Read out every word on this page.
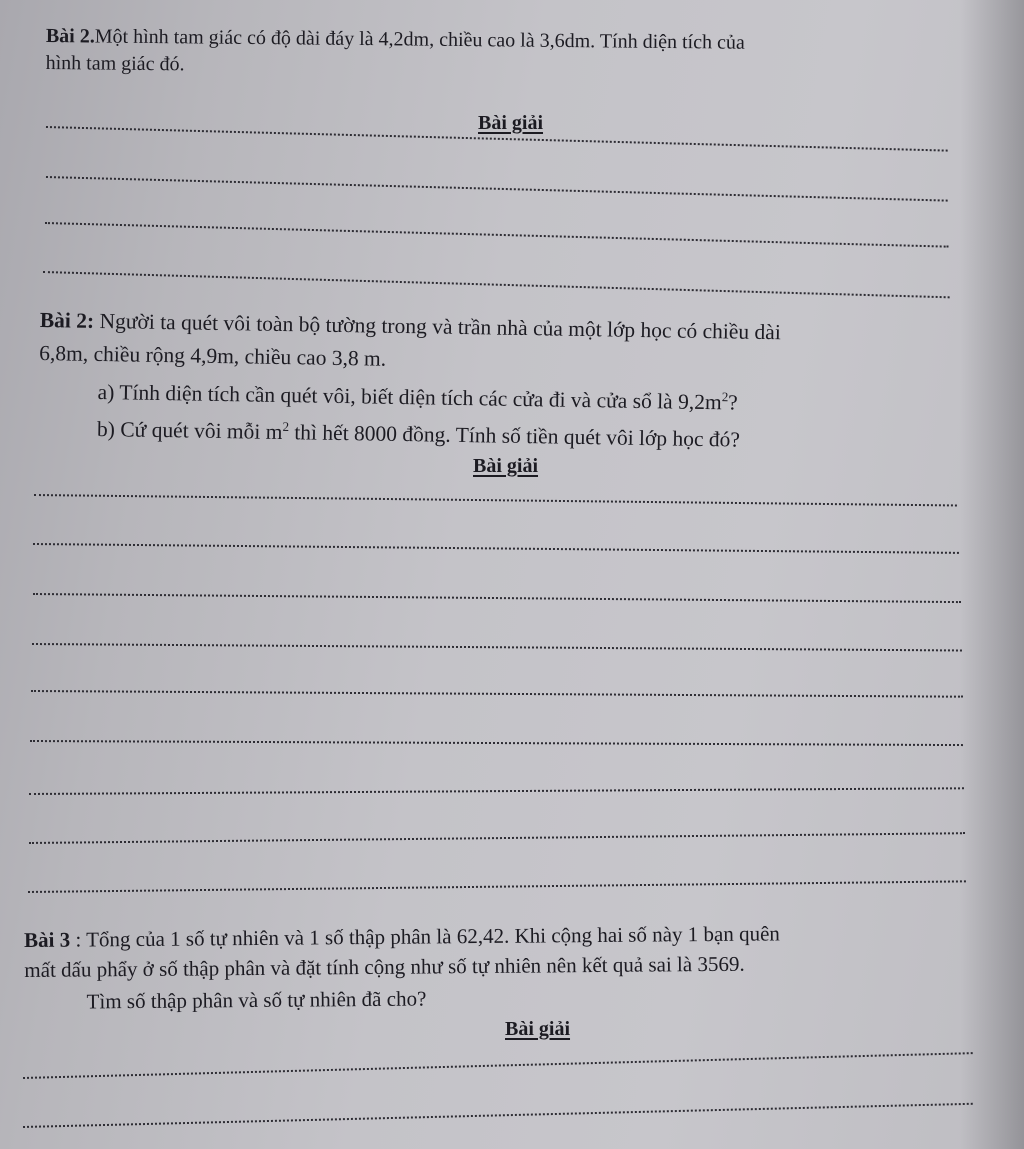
Bài 2.Một hình tam giác có độ dài đáy là 4,2dm, chiều cao là 3,6dm. Tính diện tích của
hình tam giác đó.
Bài giải
Bài 2: Người ta quét vôi toàn bộ tường trong và trần nhà của một lớp học có chiều dài
6,8m, chiều rộng 4,9m, chiều cao 3,8 m.
a) Tính diện tích cần quét vôi, biết diện tích các cửa đi và cửa sổ là $9,2m^2$?
b) Cứ quét vôi mỗi $m^2$ thì hết 8000 đồng. Tính số tiền quét vôi lớp học đó?
Bài giải
Bài 3 : Tổng của 1 số tự nhiên và 1 số thập phân là 62,42. Khi cộng hai số này 1 bạn quên
mất dấu phẩy ở số thập phân và đặt tính cộng như số tự nhiên nên kết quả sai là 3569.
Tìm số thập phân và số tự nhiên đã cho?
Bài giải
